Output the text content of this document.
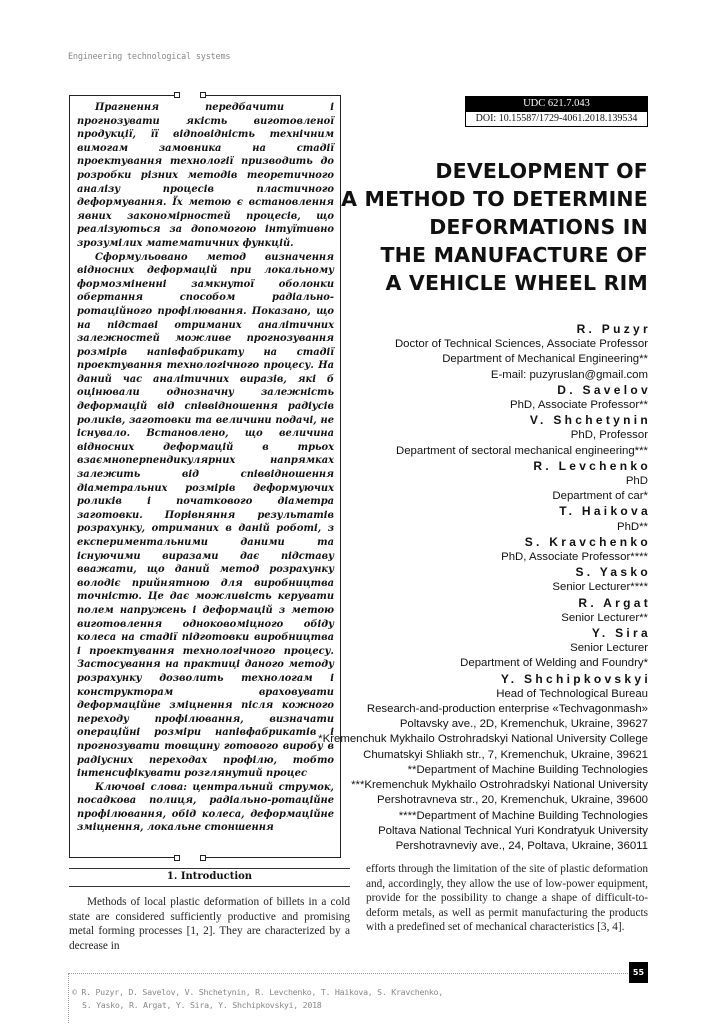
Engineering technological systems

Прагнення передбачити і прогнозувати якість виготовленої продукції, її відповідність технічним вимогам замовника на стадії проектування технології призводить до розробки різних методів теоретичного аналізу процесів пластичного деформування. Їх метою є встановлення явних закономірностей процесів, що реалізуються за допомогою інтуїтивно зрозумілих математичних функцій.

Сформульовано метод визначення відносних деформацій при локальному формозміненні замкнутої оболонки обертання способом радіально-ротаційного профілювання. Показано, що на підставі отриманих аналітичних залежностей можливе прогнозування розмірів напівфабрикату на стадії проектування технологічного процесу. На даний час аналітичних виразів, які б оцінювали однозначну залежність деформацій від співвідношення радіусів роликів, заготовки та величини подачі, не існувало. Встановлено, що величина відносних деформацій в трьох взаємноперпендикулярних напрямках залежить від співвідношення діаметральних розмірів деформуючих роликів і початкового діаметра заготовки. Порівняння результатів розрахунку, отриманих в даній роботі, з експериментальними даними та існуючими виразами дає підставу вважати, що даний метод розрахунку володіє прийнятною для виробництва точністю. Це дає можливість керувати полем напружень і деформацій з метою виготовлення одноковоміцного обіду колеса на стадії підготовки виробництва і проектування технологічного процесу. Застосування на практиці даного методу розрахунку дозволить технологам і конструкторам враховувати деформаційне зміцнення після кожного переходу профілювання, визначати операційні розміри напівфабрикатів і прогнозувати товщину готового виробу в радіусних переходах профілю, тобто інтенсифікувати розглянутий процес

Ключові слова: центральний струмок, посадкова полиця, радіально-ротаційне профілювання, обід колеса, деформаційне зміцнення, локальне стоншення

UDC 621.7.043
DOI: 10.15587/1729-4061.2018.139534
DEVELOPMENT OF
A METHOD TO DETERMINE
DEFORMATIONS IN
THE MANUFACTURE OF
A VEHICLE WHEEL RIM
R. Puzyr
Doctor of Technical Sciences, Associate Professor
Department of Mechanical Engineering**
E-mail: puzyruslan@gmail.com
D. Savelov
PhD, Associate Professor**
V. Shchetynin
PhD, Professor
Department of sectoral mechanical engineering***
R. Levchenko
PhD
Department of car*
T. Haikova
PhD**
S. Kravchenko
PhD, Associate Professor****
S. Yasko
Senior Lecturer****
R. Argat
Senior Lecturer**
Y. Sira
Senior Lecturer
Department of Welding and Foundry*
Y. Shchipkovskyi
Head of Technological Bureau
Research-and-production enterprise «Techvagonmash»
Poltavsky ave., 2D, Kremenchuk, Ukraine, 39627
*Kremenchuk Mykhailo Ostrohradskyi National University College
Chumatskyi Shliakh str., 7, Kremenchuk, Ukraine, 39621
**Department of Machine Building Technologies
***Kremenchuk Mykhailo Ostrohradskyi National University
Pershotravneva str., 20, Kremenchuk, Ukraine, 39600
****Department of Machine Building Technologies
Poltava National Technical Yuri Kondratyuk University
Pershotravneviy ave., 24, Poltava, Ukraine, 36011
1. Introduction

Methods of local plastic deformation of billets in a cold state are considered sufficiently productive and promising metal forming processes [1, 2]. They are characterized by a decrease in

efforts through the limitation of the site of plastic deformation and, accordingly, they allow the use of low-power equipment, provide for the possibility to change a shape of difficult-to-deform metals, as well as permit manufacturing the products with a predefined set of mechanical characteristics [3, 4].

© R. Puzyr, D. Savelov, V. Shchetynin, R. Levchenko, T. Haikova, S. Kravchenko,
S. Yasko, R. Argat, Y. Sira, Y. Shchipkovskyi, 2018
55
